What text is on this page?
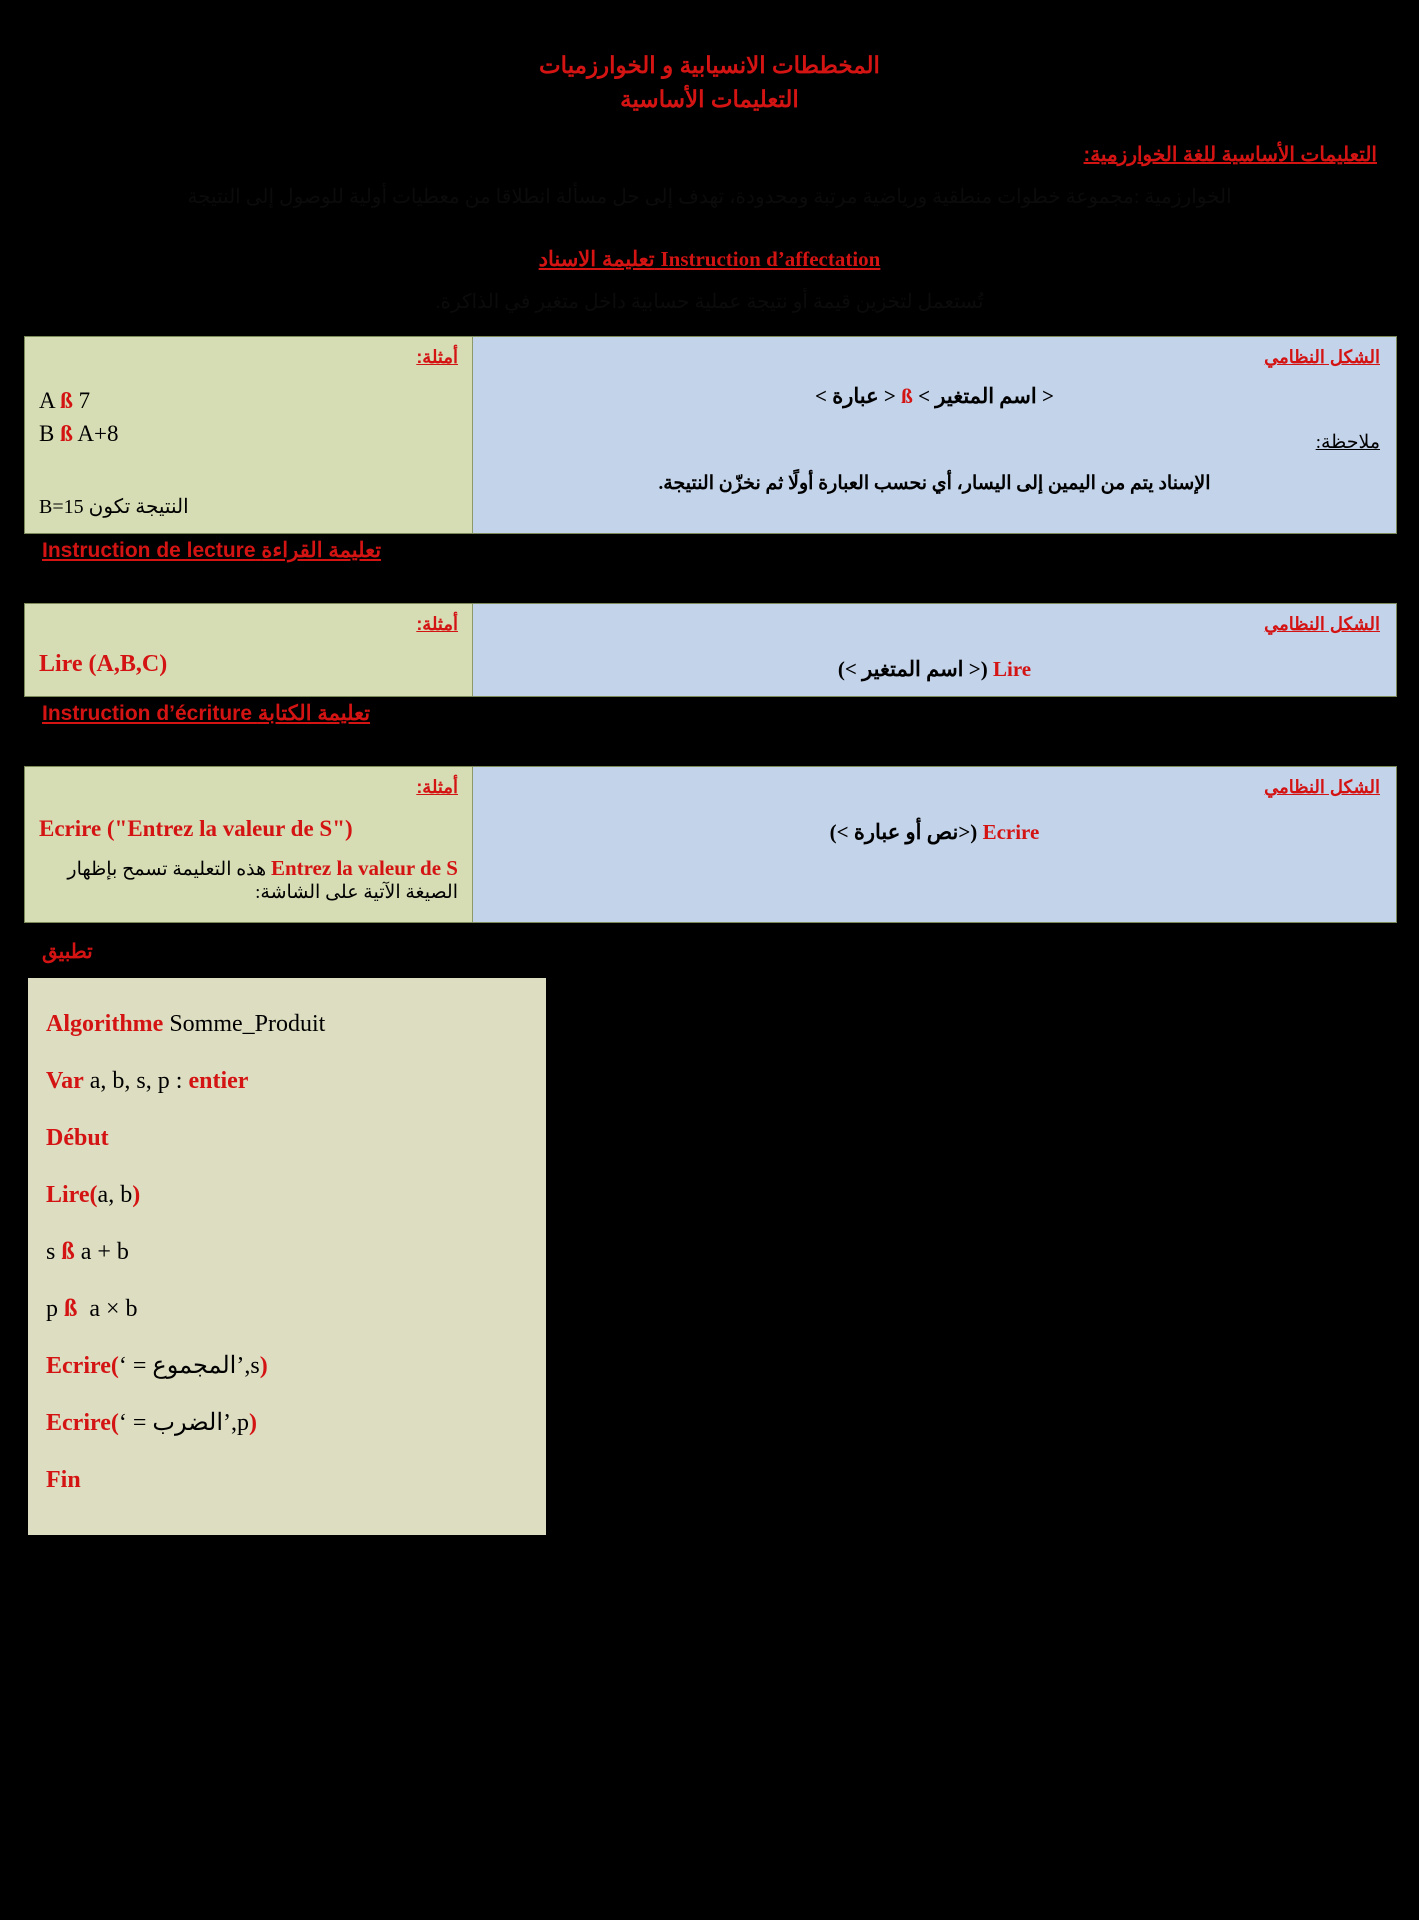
المخططات الانسيابية و الخوارزميات
التعليمات الأساسية
التعليمات الأساسية للغة الخوارزمية:
الخوارزمية :مجموعة خطوات منطقية ورياضية مرتبة ومحدودة، تهدف إلى حل مسألة انطلاقا من معطيات أولية للوصول إلى النتيجة
Instruction d’affectation تعليمة الاسناد
تُستعمل لتخزين قيمة أو نتيجة عملية حسابية داخل متغير في الذاكرة.
أمثلة:
A ß 7
B ß A+8
النتيجة تكون B=15
الشكل النظامي
< اسم المتغير > ß < عبارة >
ملاحظة:
الإسناد يتم من اليمين إلى اليسار، أي نحسب العبارة أولًا ثم نخزّن النتيجة.
تعليمة القراءة Instruction de lecture
أمثلة:
Lire (A,B,C)
الشكل النظامي
Lire (< اسم المتغير >)
تعليمة الكتابة Instruction d’écriture
أمثلة:
Ecrire ("Entrez la valeur de S")
Entrez la valeur de S هذه التعليمة تسمح بإظهار الصيغة الآتية على الشاشة:
الشكل النظامي
Ecrire (<نص أو عبارة >)
تطبيق
Algorithme Somme_Produit
Var a, b, s, p : entier
Début
Lire(a, b)
s ß a + b
p ß  a × b
Ecrire(‘المجموع = ’,s)
Ecrire(‘الضرب = ’,p)
Fin
